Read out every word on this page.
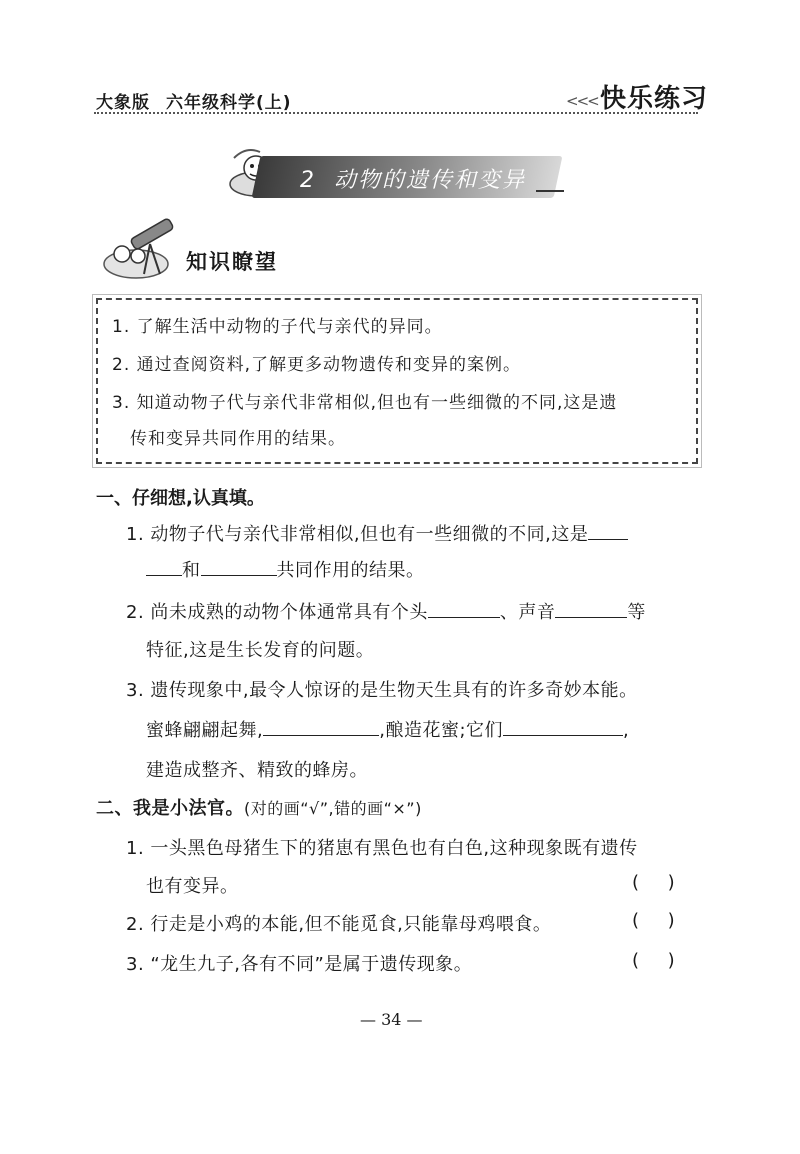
大象版 六年级科学(上)	<<< 快乐练习
2 动物的遗传和变异
知识瞭望
1. 了解生活中动物的子代与亲代的异同。
2. 通过查阅资料,了解更多动物遗传和变异的案例。
3. 知道动物子代与亲代非常相似,但也有一些细微的不同,这是遗
传和变异共同作用的结果。
一、仔细想,认真填。
1. 动物子代与亲代非常相似,但也有一些细微的不同,这是
和	共同作用的结果。
2. 尚未成熟的动物个体通常具有个头	、声音	等
特征,这是生长发育的问题。
3. 遗传现象中,最令人惊讶的是生物天生具有的许多奇妙本能。
蜜蜂翩翩起舞,	,酿造花蜜;它们	,
建造成整齐、精致的蜂房。
二、我是小法官。(对的画“√”,错的画“×”)
1. 一头黑色母猪生下的猪崽有黑色也有白色,这种现象既有遗传
也有变异。	(     )
2. 行走是小鸡的本能,但不能觅食,只能靠母鸡喂食。	(     )
3. “龙生九子,各有不同”是属于遗传现象。	(     )
— 34 —
